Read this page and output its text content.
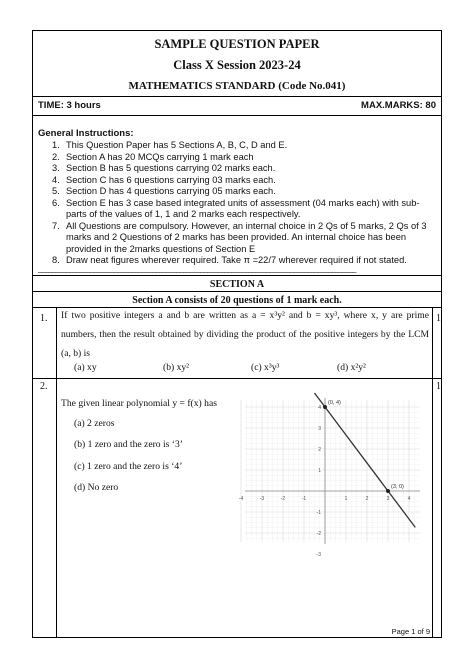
SAMPLE QUESTION PAPER
Class X Session 2023-24
MATHEMATICS STANDARD (Code No.041)
TIME: 3 hours	MAX.MARKS: 80
General Instructions:
1. This Question Paper has 5 Sections A, B, C, D and E.
2. Section A has 20 MCQs carrying 1 mark each
3. Section B has 5 questions carrying 02 marks each.
4. Section C has 6 questions carrying 03 marks each.
5. Section D has 4 questions carrying 05 marks each.
6. Section E has 3 case based integrated units of assessment (04 marks each) with sub-parts of the values of 1, 1 and 2 marks each respectively.
7. All Questions are compulsory. However, an internal choice in 2 Qs of 5 marks, 2 Qs of 3 marks and 2 Questions of 2 marks has been provided. An internal choice has been provided in the 2marks questions of Section E
8. Draw neat figures wherever required. Take π =22/7 wherever required if not stated.
____________________________________________________________________________________________
SECTION A
Section A consists of 20 questions of 1 mark each.
1. If two positive integers a and b are written as a = x³y² and b = xy³, where x, y are prime numbers, then the result obtained by dividing the product of the positive integers by the LCM (a, b) is
1
(a) xy	(b) xy²	(c) x³y³	(d) x²y²
2.	1
The given linear polynomial y = f(x) has
(a) 2 zeros
(b) 1 zero and the zero is ‘3’
(c) 1 zero and the zero is ‘4’
(d) No zero
-4	-3	-2	-1	1	2	3	4
4
3
2
1
-1
-2
-3
(0, 4)
(3, 0)
Page 1 of 9
